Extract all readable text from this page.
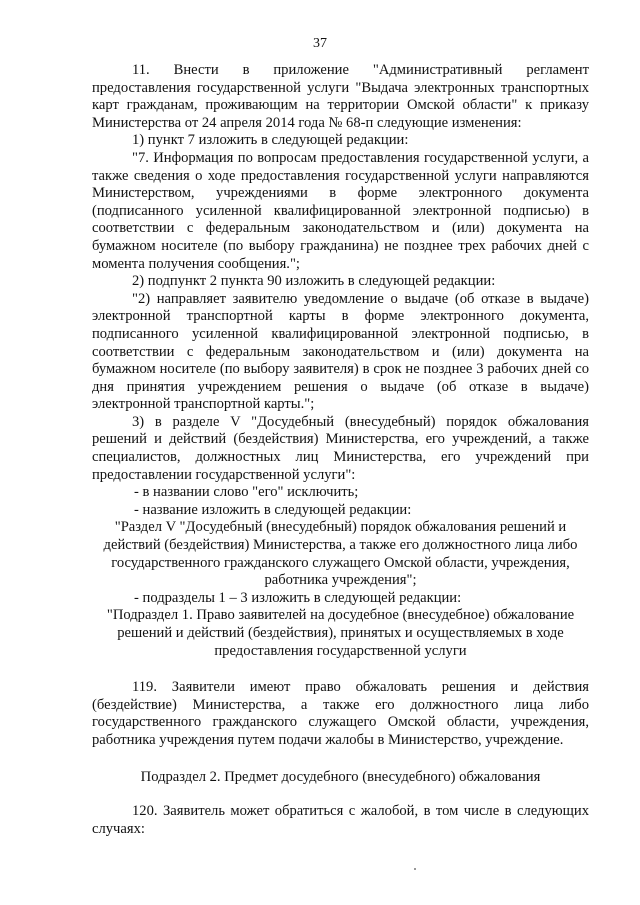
37

11. Внести в приложение "Административный регламент предоставления государственной услуги "Выдача электронных транспортных карт гражданам, проживающим на территории Омской области" к приказу Министерства от 24 апреля 2014 года № 68-п следующие изменения:

1) пункт 7 изложить в следующей редакции:

"7. Информация по вопросам предоставления государственной услуги, а также сведения о ходе предоставления государственной услуги направляются Министерством, учреждениями в форме электронного документа (подписанного усиленной квалифицированной электронной подписью) в соответствии с федеральным законодательством и (или) документа на бумажном носителе (по выбору гражданина) не позднее трех рабочих дней с момента получения сообщения.";

2) подпункт 2 пункта 90 изложить в следующей редакции:

"2) направляет заявителю уведомление о выдаче (об отказе в выдаче) электронной транспортной карты в форме электронного документа, подписанного усиленной квалифицированной электронной подписью, в соответствии с федеральным законодательством и (или) документа на бумажном носителе (по выбору заявителя) в срок не позднее 3 рабочих дней со дня принятия учреждением решения о выдаче (об отказе в выдаче) электронной транспортной карты.";

3) в разделе V "Досудебный (внесудебный) порядок обжалования решений и действий (бездействия) Министерства, его учреждений, а также специалистов, должностных лиц Министерства, его учреждений при предоставлении государственной услуги":

- в названии слово "его" исключить;

- название изложить в следующей редакции:

"Раздел V "Досудебный (внесудебный) порядок обжалования решений и действий (бездействия) Министерства, а также его должностного лица либо государственного гражданского служащего Омской области, учреждения, работника учреждения";

- подразделы 1 – 3 изложить в следующей редакции:

"Подраздел 1. Право заявителей на досудебное (внесудебное) обжалование решений и действий (бездействия), принятых и осуществляемых в ходе предоставления государственной услуги

119. Заявители имеют право обжаловать решения и действия (бездействие) Министерства, а также его должностного лица либо государственного гражданского служащего Омской области, учреждения, работника учреждения путем подачи жалобы в Министерство, учреждение.

Подраздел 2. Предмет досудебного (внесудебного) обжалования

120. Заявитель может обратиться с жалобой, в том числе в следующих случаях:
